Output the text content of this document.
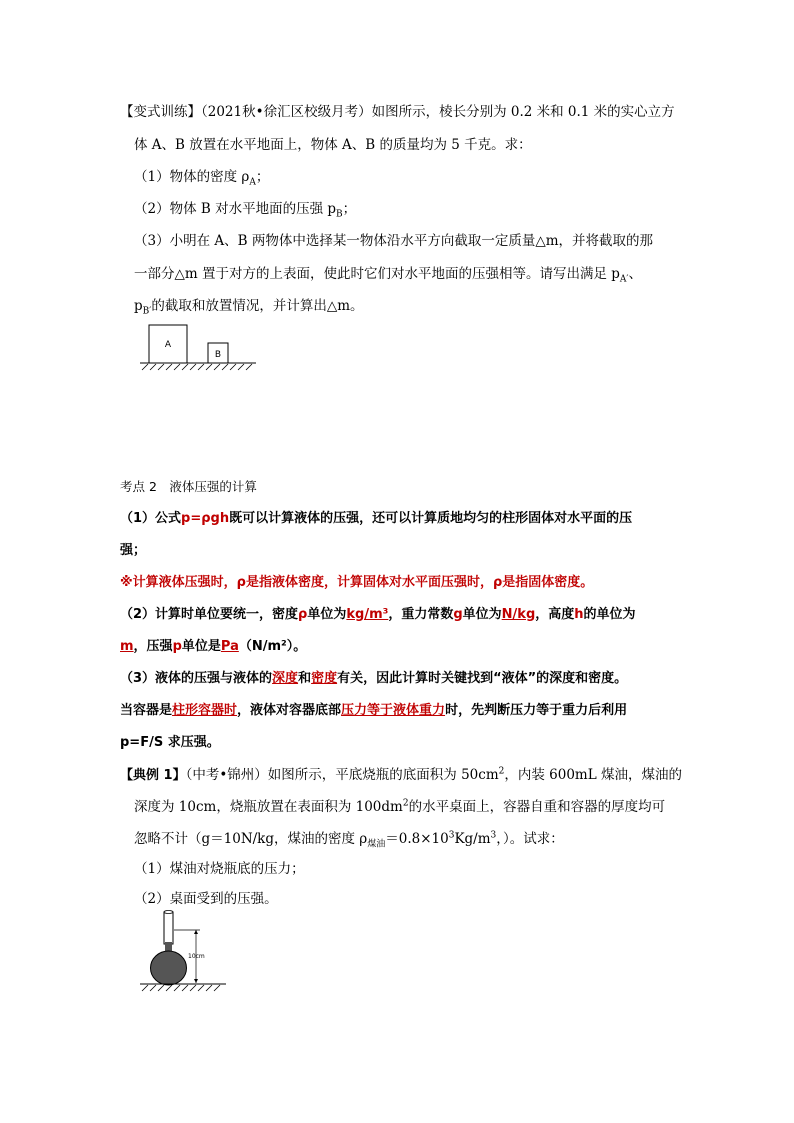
【变式训练】（2021秋•徐汇区校级月考）如图所示，棱长分别为 0.2 米和 0.1 米的实心立方
体 A、B 放置在水平地面上，物体 A、B 的质量均为 5 千克。求：
（1）物体的密度 $\rho_A$；
（2）物体 B 对水平地面的压强 $p_B$；
（3）小明在 A、B 两物体中选择某一物体沿水平方向截取一定质量△m，并将截取的那
一部分△m 置于对方的上表面，使此时它们对水平地面的压强相等。请写出满足 $p_{A'}$、
$p_{B'}$的截取和放置情况，并计算出△m。
A
B
考点 2　液体压强的计算
（1）公式p=ρgh既可以计算液体的压强，还可以计算质地均匀的柱形固体对水平面的压
强；
※计算液体压强时，ρ是指液体密度，计算固体对水平面压强时，ρ是指固体密度。
（2）计算时单位要统一，密度ρ单位为kg/m³，重力常数g单位为N/kg，高度h的单位为
m，压强p单位是Pa（N/m²）。
（3）液体的压强与液体的深度和密度有关，因此计算时关键找到“液体”的深度和密度。
当容器是柱形容器时，液体对容器底部压力等于液体重力时，先判断压力等于重力后利用
p=F/S 求压强。
【典例 1】（中考•锦州）如图所示，平底烧瓶的底面积为 $50cm^2$，内装 600mL 煤油，煤油的
深度为 10cm，烧瓶放置在表面积为 $100dm^2$的水平桌面上，容器自重和容器的厚度均可
忽略不计（g＝10N/kg，煤油的密度 $\rho_{煤油}=0.8\times 10^3Kg/m^3$，）。试求：
（1）煤油对烧瓶底的压力；
（2）桌面受到的压强。
10cm
